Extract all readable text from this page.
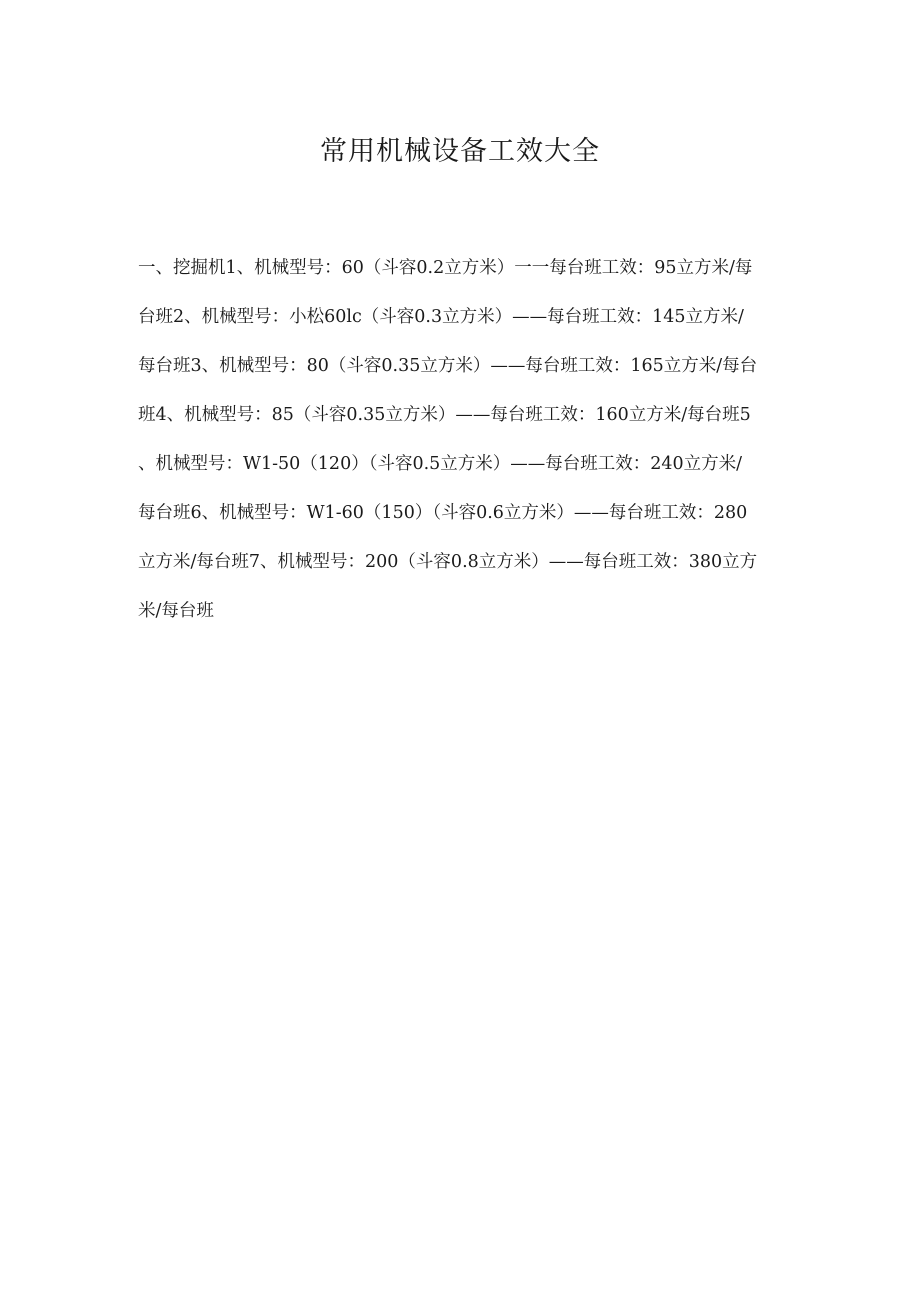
常用机械设备工效大全
一、挖掘机1、机械型号：60（斗容0.2立方米）一一每台班工效：95立方米/每
台班2、机械型号：小松60lc（斗容0.3立方米）——每台班工效：145立方米/
每台班3、机械型号：80（斗容0.35立方米）——每台班工效：165立方米/每台
班4、机械型号：85（斗容0.35立方米）——每台班工效：160立方米/每台班5
、机械型号：W1-50（120）（斗容0.5立方米）——每台班工效：240立方米/
每台班6、机械型号：W1-60（150）（斗容0.6立方米）——每台班工效：280
立方米/每台班7、机械型号：200（斗容0.8立方米）——每台班工效：380立方
米/每台班
